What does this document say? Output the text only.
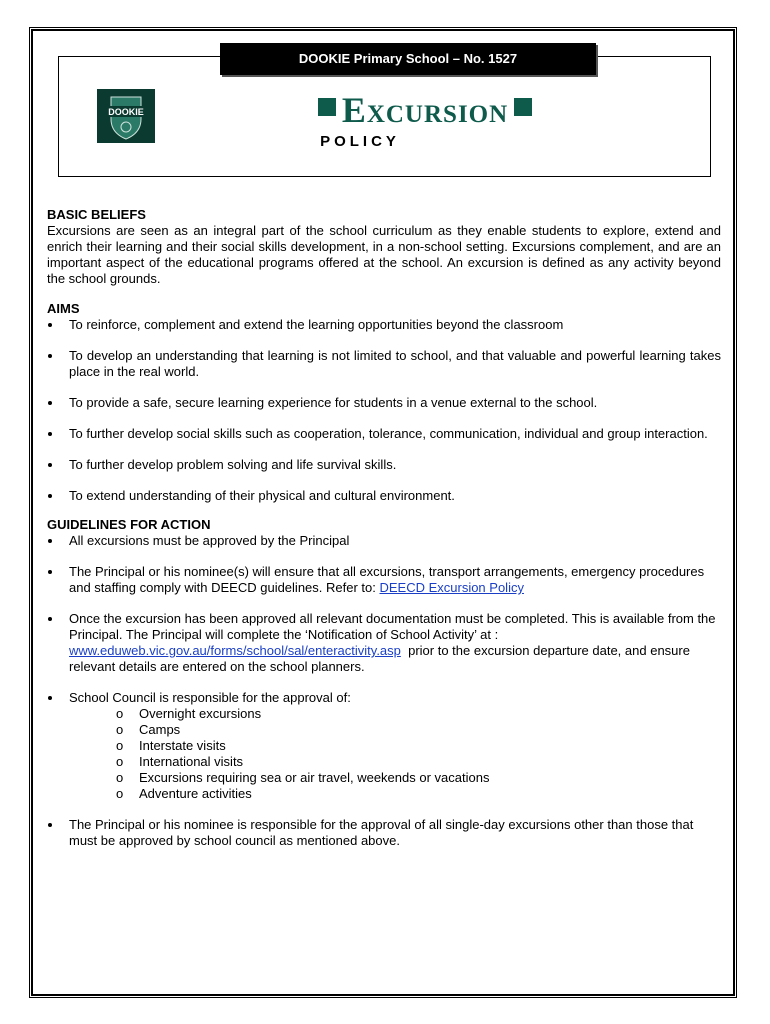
DOOKIE Primary School – No. 1527
DOOKIE	Excursion
POLICY

BASIC BELIEFS

Excursions are seen as an integral part of the school curriculum as they enable students to explore, extend and enrich their learning and their social skills development, in a non-school setting. Excursions complement, and are an important aspect of the educational programs offered at the school. An excursion is defined as any activity beyond the school grounds.

AIMS

To reinforce, complement and extend the learning opportunities beyond the classroom
To develop an understanding that learning is not limited to school, and that valuable and powerful learning takes place in the real world.
To provide a safe, secure learning experience for students in a venue external to the school.
To further develop social skills such as cooperation, tolerance, communication, individual and group interaction.
To further develop problem solving and life survival skills.
To extend understanding of their physical and cultural environment.

GUIDELINES FOR ACTION

All excursions must be approved by the Principal
The Principal or his nominee(s) will ensure that all excursions, transport arrangements, emergency procedures and staffing comply with DEECD guidelines. Refer to: DEECD Excursion Policy
Once the excursion has been approved all relevant documentation must be completed. This is available from the Principal. The Principal will complete the ‘Notification of School Activity’ at : www.eduweb.vic.gov.au/forms/school/sal/enteractivity.asp  prior to the excursion departure date, and ensure relevant details are entered on the school planners.
School Council is responsible for the approval of:
o Overnight excursions
o Camps
o Interstate visits
o International visits
o Excursions requiring sea or air travel, weekends or vacations
o Adventure activities
The Principal or his nominee is responsible for the approval of all single-day excursions other than those that must be approved by school council as mentioned above.
